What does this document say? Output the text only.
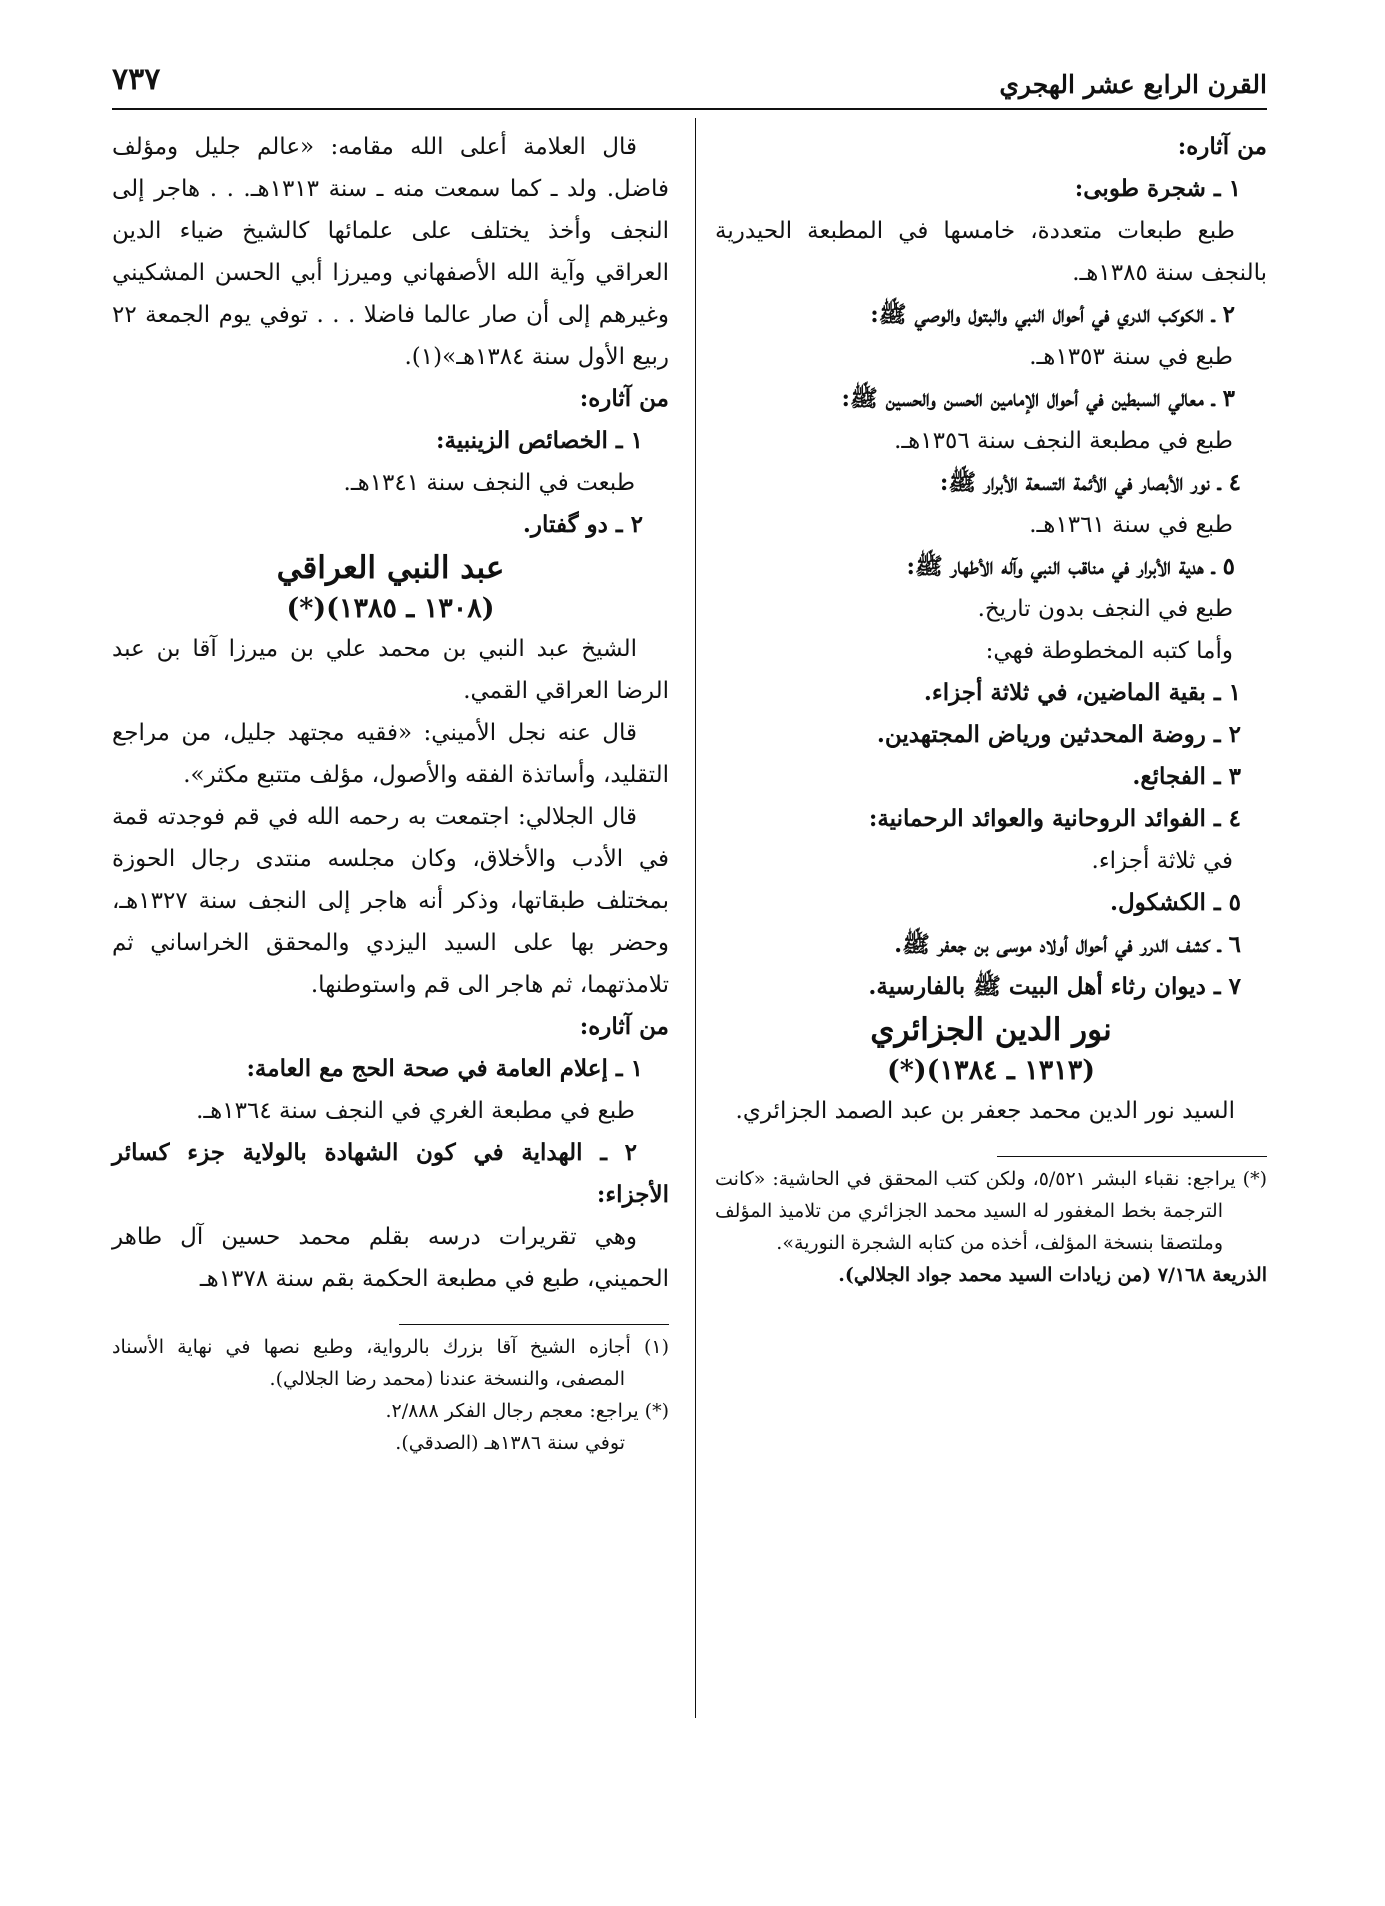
القرن الرابع عشر الهجري
٧٣٧

من آثاره:

١ ـ شجرة طوبى:

طبع طبعات متعددة، خامسها في المطبعة الحيدرية بالنجف سنة ١٣٨٥هـ.

٢ ـ الكوكب الدري في أحوال النبي والبتول والوصي ﷺ:

طبع في سنة ١٣٥٣هـ.

٣ ـ معالي السبطين في أحوال الإمامين الحسن والحسين ﷺ:

طبع في مطبعة النجف سنة ١٣٥٦هـ.

٤ ـ نور الأبصار في الأئمة التسعة الأبرار ﷺ:

طبع في سنة ١٣٦١هـ.

٥ ـ هدية الأبرار في مناقب النبي وآله الأطهار ﷺ:

طبع في النجف بدون تاريخ.

وأما كتبه المخطوطة فهي:

١ ـ بقية الماضين، في ثلاثة أجزاء.

٢ ـ روضة المحدثين ورياض المجتهدين.

٣ ـ الفجائع.

٤ ـ الفوائد الروحانية والعوائد الرحمانية:

في ثلاثة أجزاء.

٥ ـ الكشكول.

٦ ـ كشف الدرر في أحوال أولاد موسى بن جعفر ﷺ.

٧ ـ ديوان رثاء أهل البيت ﷺ بالفارسية.

نور الدين الجزائري

(١٣١٣ ـ ١٣٨٤)(*)

السيد نور الدين محمد جعفر بن عبد الصمد الجزائري.

(*) يراجع: نقباء البشر ٥/٥٢١، ولكن كتب المحقق في الحاشية: «كانت الترجمة بخط المغفور له السيد محمد الجزائري من تلاميذ المؤلف وملتصقا بنسخة المؤلف، أخذه من كتابه الشجرة النورية».

الذريعة ٧/١٦٨ (من زيادات السيد محمد جواد الجلالي).

قال العلامة أعلى الله مقامه: «عالم جليل ومؤلف فاضل. ولد ـ كما سمعت منه ـ سنة ١٣١٣هـ. . . هاجر إلى النجف وأخذ يختلف على علمائها كالشيخ ضياء الدين العراقي وآية الله الأصفهاني وميرزا أبي الحسن المشكيني وغيرهم إلى أن صار عالما فاضلا . . . توفي يوم الجمعة ٢٢ ربيع الأول سنة ١٣٨٤هـ»(١).

من آثاره:

١ ـ الخصائص الزينبية:

طبعت في النجف سنة ١٣٤١هـ.

٢ ـ دو گفتار.

عبد النبي العراقي

(١٣٠٨ ـ ١٣٨٥)(*)

الشيخ عبد النبي بن محمد علي بن ميرزا آقا بن عبد الرضا العراقي القمي.

قال عنه نجل الأميني: «فقيه مجتهد جليل، من مراجع التقليد، وأساتذة الفقه والأصول، مؤلف متتبع مكثر».

قال الجلالي: اجتمعت به رحمه الله في قم فوجدته قمة في الأدب والأخلاق، وكان مجلسه منتدى رجال الحوزة بمختلف طبقاتها، وذكر أنه هاجر إلى النجف سنة ١٣٢٧هـ، وحضر بها على السيد اليزدي والمحقق الخراساني ثم تلامذتهما، ثم هاجر الى قم واستوطنها.

من آثاره:

١ ـ إعلام العامة في صحة الحج مع العامة:

طبع في مطبعة الغري في النجف سنة ١٣٦٤هـ.

٢ ـ الهداية في كون الشهادة بالولاية جزء كسائر الأجزاء:

وهي تقريرات درسه بقلم محمد حسين آل طاهر الحميني، طبع في مطبعة الحكمة بقم سنة ١٣٧٨هـ

(١) أجازه الشيخ آقا بزرك بالرواية، وطبع نصها في نهاية الأسناد المصفى، والنسخة عندنا (محمد رضا الجلالي).

(*) يراجع: معجم رجال الفكر ٢/٨٨٨.

توفي سنة ١٣٨٦هـ (الصدقي).
